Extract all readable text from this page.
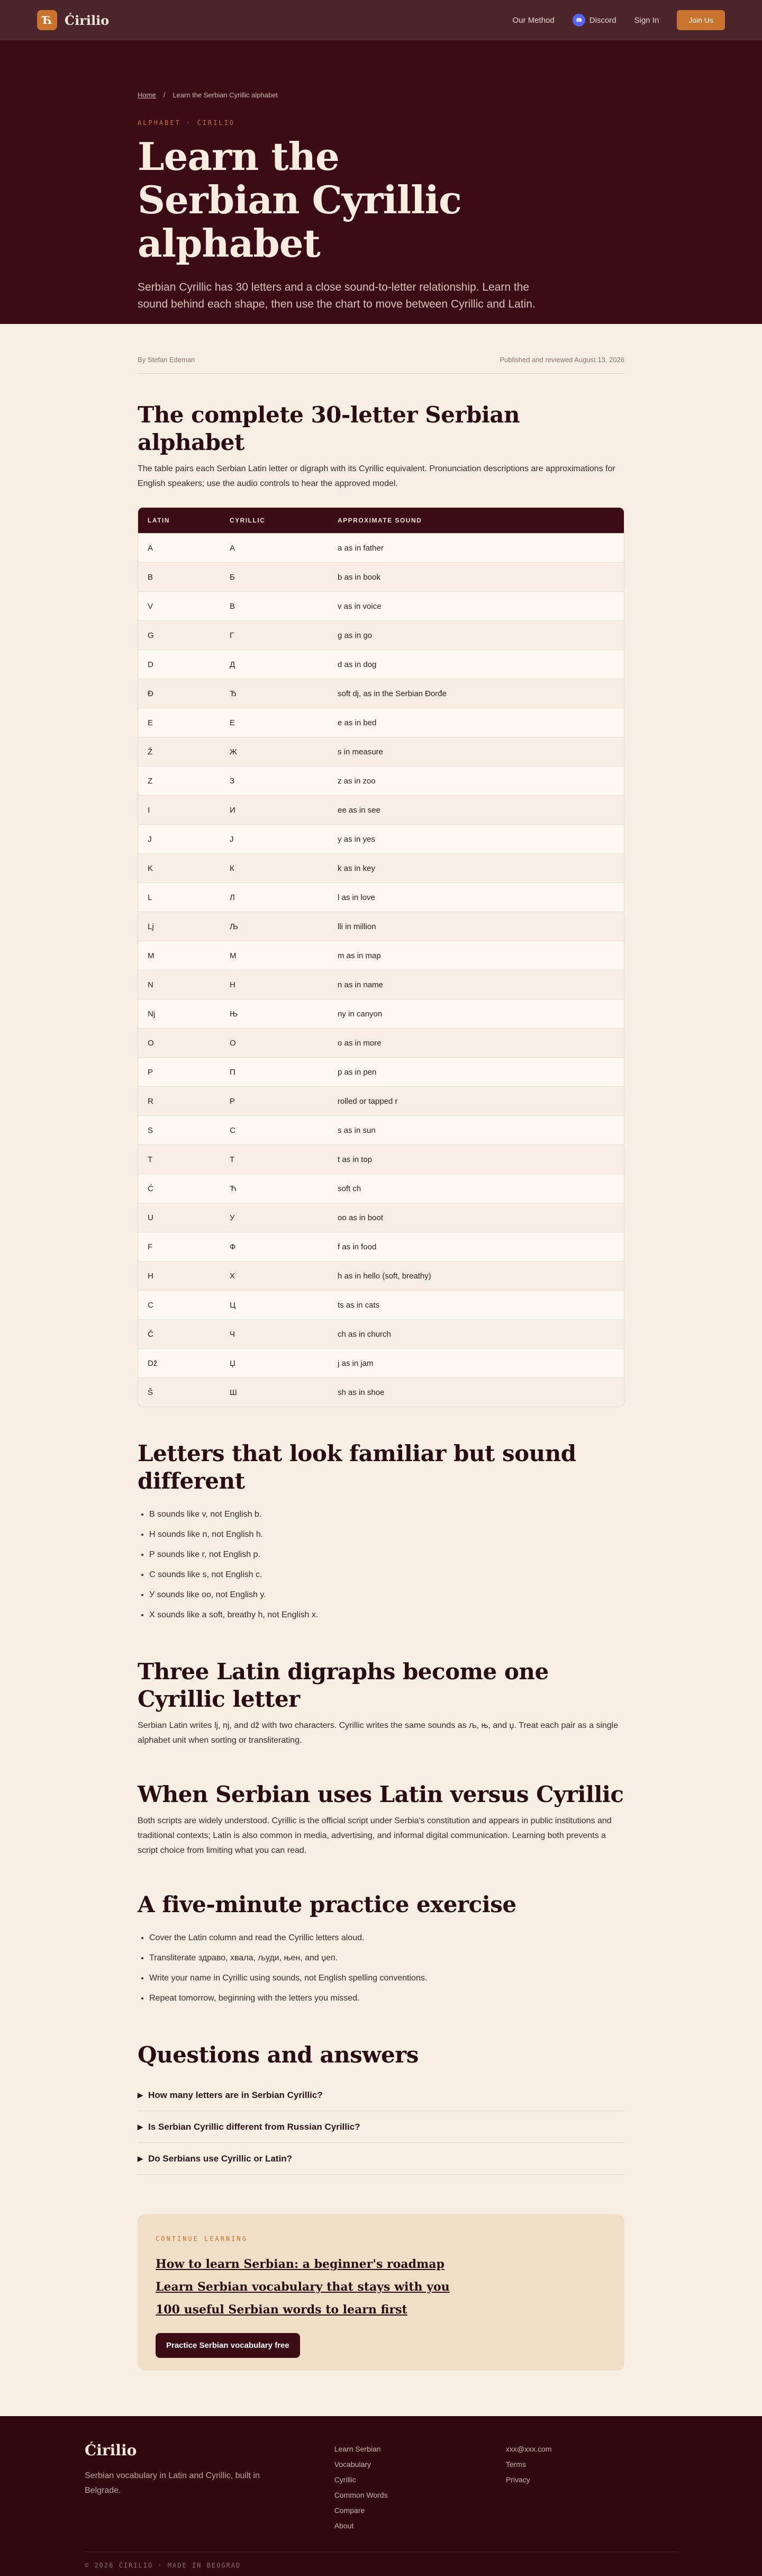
Ћ Ćirilio	Our Method	Discord Sign In	Join Us
Home / Learn the Serbian Cyrillic alphabet
ALPHABET · ĆIRILIO
Learn the Serbian Cyrillic alphabet

Serbian Cyrillic has 30 letters and a close sound-to-letter relationship. Learn the sound behind each shape, then use the chart to move between Cyrillic and Latin.

By Stefan Edeman	Published and reviewed August 13, 2026
The complete 30-letter Serbian alphabet

The table pairs each Serbian Latin letter or digraph with its Cyrillic equivalent. Pronunciation descriptions are approximations for English speakers; use the audio controls to hear the approved model.

LATIN	CYRILLIC	APPROXIMATE SOUND
A	А	a as in father
B	Б	b as in book
V	В	v as in voice
G	Г	g as in go
D	Д	d as in dog
Đ	Ђ	soft dj, as in the Serbian Đorđe
E	Е	e as in bed
Ž	Ж	s in measure
Z	З	z as in zoo
I	И	ee as in see
J	Ј	y as in yes
K	К	k as in key
L	Л	l as in love
Lj	Љ	lli in million
M	М	m as in map
N	Н	n as in name
Nj	Њ	ny in canyon
O	О	o as in more
P	П	p as in pen
R	Р	rolled or tapped r
S	С	s as in sun
T	Т	t as in top
Ć	Ћ	soft ch
U	У	oo as in boot
F	Ф	f as in food
H	Х	h as in hello (soft, breathy)
C	Ц	ts as in cats
Č	Ч	ch as in church
Dž	Џ	j as in jam
Š	Ш	sh as in shoe
Letters that look familiar but sound different
• В sounds like v, not English b.
• Н sounds like n, not English h.
• Р sounds like r, not English p.
• С sounds like s, not English c.
• У sounds like oo, not English y.
• Х sounds like a soft, breathy h, not English x.
Three Latin digraphs become one Cyrillic letter

Serbian Latin writes lj, nj, and dž with two characters. Cyrillic writes the same sounds as љ, њ, and џ. Treat each pair as a single alphabet unit when sorting or transliterating.

When Serbian uses Latin versus Cyrillic

Both scripts are widely understood. Cyrillic is the official script under Serbia's constitution and appears in public institutions and traditional contexts; Latin is also common in media, advertising, and informal digital communication. Learning both prevents a script choice from limiting what you can read.

A five-minute practice exercise
• Cover the Latin column and read the Cyrillic letters aloud.
• Transliterate здраво, хвала, људи, њен, and џеп.
• Write your name in Cyrillic using sounds, not English spelling conventions.
• Repeat tomorrow, beginning with the letters you missed.
Questions and answers
▶ How many letters are in Serbian Cyrillic?
▶ Is Serbian Cyrillic different from Russian Cyrillic?
▶ Do Serbians use Cyrillic or Latin?
CONTINUE LEARNING
How to learn Serbian: a beginner's roadmap
Learn Serbian vocabulary that stays with you
100 useful Serbian words to learn first
Practice Serbian vocabulary free
Ćirilio
Serbian vocabulary in Latin and Cyrillic, built in Belgrade.
Learn Serbian
Vocabulary
Cyrillic
Common Words
Compare
About
xxx@xxx.com
Terms
Privacy
© 2026 ĆIRILIO · MADE IN BEOGRAD
